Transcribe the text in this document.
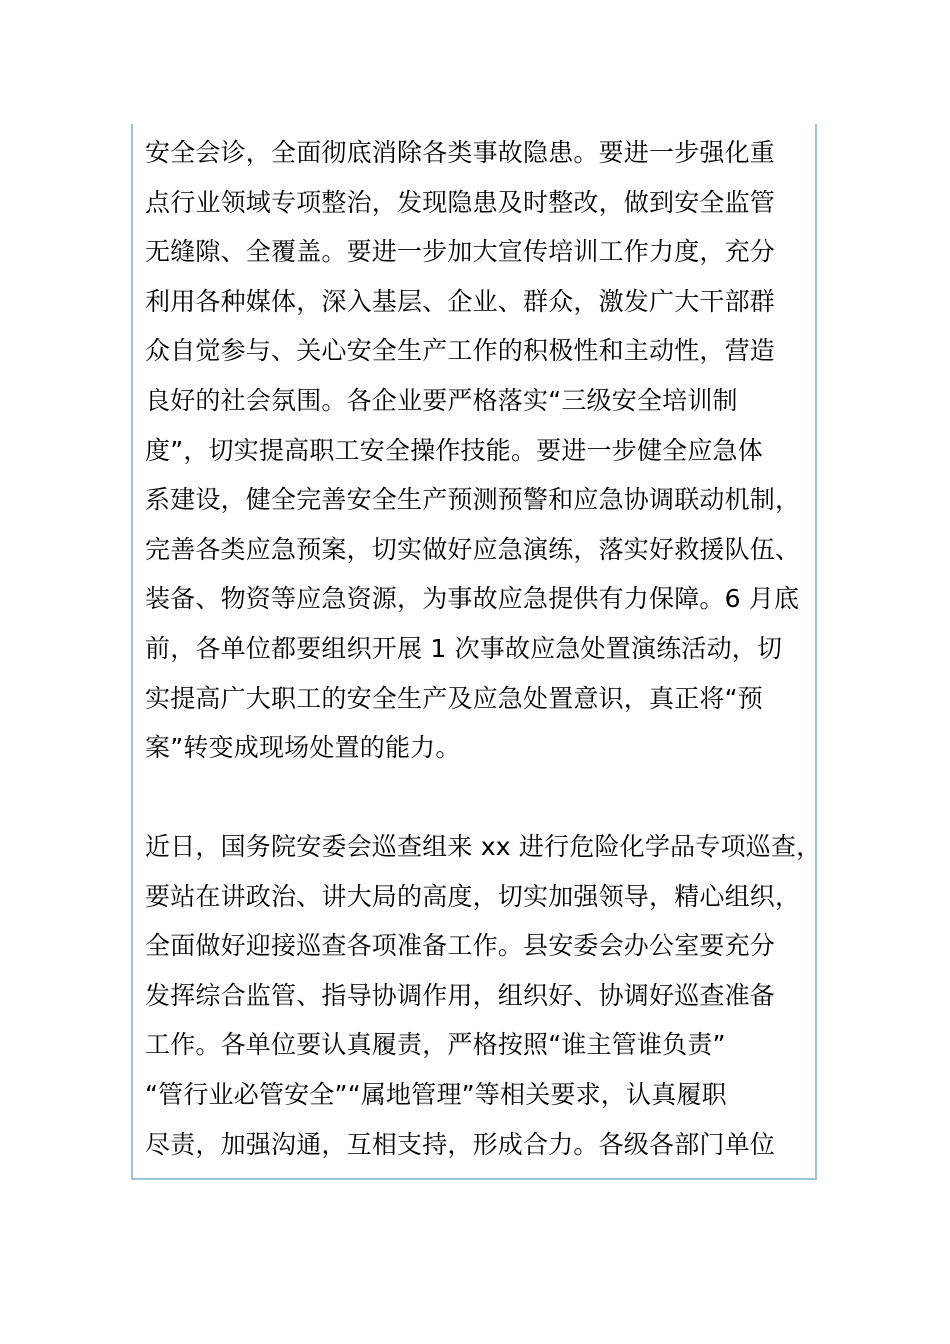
安全会诊，全面彻底消除各类事故隐患。要进一步强化重
点行业领域专项整治，发现隐患及时整改，做到安全监管
无缝隙、全覆盖。要进一步加大宣传培训工作力度，充分
利用各种媒体，深入基层、企业、群众，激发广大干部群
众自觉参与、关心安全生产工作的积极性和主动性，营造
良好的社会氛围。各企业要严格落实“三级安全培训制
度”，切实提高职工安全操作技能。要进一步健全应急体
系建设，健全完善安全生产预测预警和应急协调联动机制，
完善各类应急预案，切实做好应急演练，落实好救援队伍、
装备、物资等应急资源，为事故应急提供有力保障。6 月底
前，各单位都要组织开展 1 次事故应急处置演练活动，切
实提高广大职工的安全生产及应急处置意识，真正将“预
案”转变成现场处置的能力。
近日，国务院安委会巡查组来 xx 进行危险化学品专项巡查，
要站在讲政治、讲大局的高度，切实加强领导，精心组织，
全面做好迎接巡查各项准备工作。县安委会办公室要充分
发挥综合监管、指导协调作用，组织好、协调好巡查准备
工作。各单位要认真履责，严格按照“谁主管谁负责”
“管行业必管安全”“属地管理”等相关要求，认真履职
尽责，加强沟通，互相支持，形成合力。各级各部门单位
